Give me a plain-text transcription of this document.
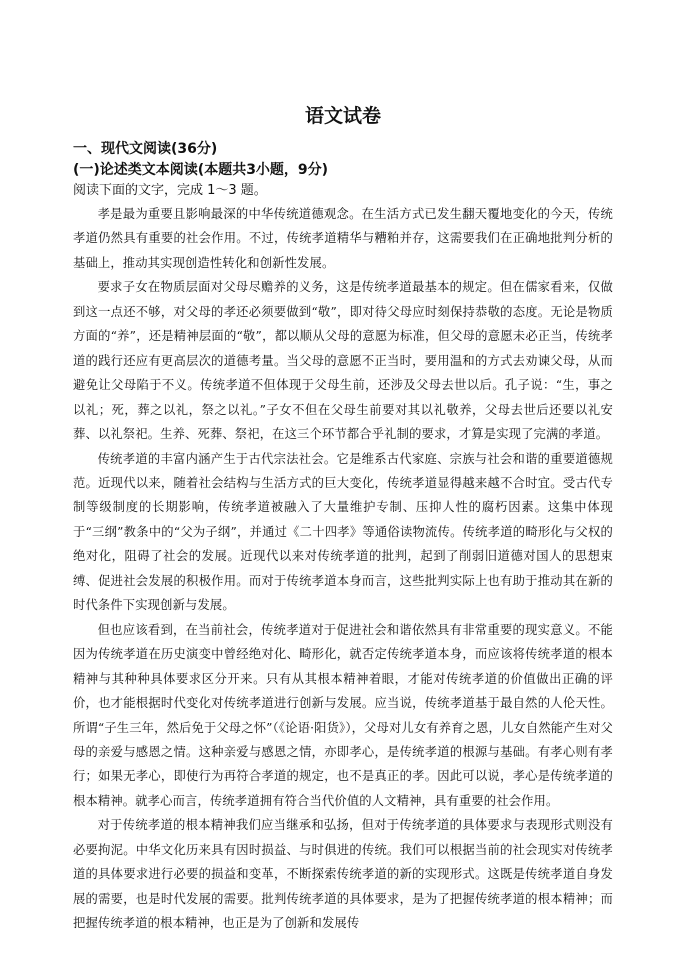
语文试卷
一、现代文阅读(36分)
(一)论述类文本阅读(本题共3小题，9分)

阅读下面的文字，完成 1～3 题。

孝是最为重要且影响最深的中华传统道德观念。在生活方式已发生翻天覆地变化的今天，传统孝道仍然具有重要的社会作用。不过，传统孝道精华与糟粕并存，这需要我们在正确地批判分析的基础上，推动其实现创造性转化和创新性发展。

要求子女在物质层面对父母尽赡养的义务，这是传统孝道最基本的规定。但在儒家看来，仅做到这一点还不够，对父母的孝还必须要做到“敬”，即对待父母应时刻保持恭敬的态度。无论是物质方面的“养”，还是精神层面的“敬”，都以顺从父母的意愿为标准，但父母的意愿未必正当，传统孝道的践行还应有更高层次的道德考量。当父母的意愿不正当时，要用温和的方式去劝谏父母，从而避免让父母陷于不义。传统孝道不但体现于父母生前，还涉及父母去世以后。孔子说：“生，事之以礼；死，葬之以礼，祭之以礼。”子女不但在父母生前要对其以礼敬养，父母去世后还要以礼安葬、以礼祭祀。生养、死葬、祭祀，在这三个环节都合乎礼制的要求，才算是实现了完满的孝道。

传统孝道的丰富内涵产生于古代宗法社会。它是维系古代家庭、宗族与社会和谐的重要道德规范。近现代以来，随着社会结构与生活方式的巨大变化，传统孝道显得越来越不合时宜。受古代专制等级制度的长期影响，传统孝道被融入了大量维护专制、压抑人性的腐朽因素。这集中体现于“三纲”教条中的“父为子纲”，并通过《二十四孝》等通俗读物流传。传统孝道的畸形化与父权的绝对化，阻碍了社会的发展。近现代以来对传统孝道的批判，起到了削弱旧道德对国人的思想束缚、促进社会发展的积极作用。而对于传统孝道本身而言，这些批判实际上也有助于推动其在新的时代条件下实现创新与发展。

但也应该看到，在当前社会，传统孝道对于促进社会和谐依然具有非常重要的现实意义。不能因为传统孝道在历史演变中曾经绝对化、畸形化，就否定传统孝道本身，而应该将传统孝道的根本精神与其种种具体要求区分开来。只有从其根本精神着眼，才能对传统孝道的价值做出正确的评价，也才能根据时代变化对传统孝道进行创新与发展。应当说，传统孝道基于最自然的人伦天性。所谓“子生三年，然后免于父母之怀”（《论语·阳货》），父母对儿女有养育之恩，儿女自然能产生对父母的亲爱与感恩之情。这种亲爱与感恩之情，亦即孝心，是传统孝道的根源与基础。有孝心则有孝行；如果无孝心，即使行为再符合孝道的规定，也不是真正的孝。因此可以说，孝心是传统孝道的根本精神。就孝心而言，传统孝道拥有符合当代价值的人文精神，具有重要的社会作用。

对于传统孝道的根本精神我们应当继承和弘扬，但对于传统孝道的具体要求与表现形式则没有必要拘泥。中华文化历来具有因时损益、与时俱进的传统。我们可以根据当前的社会现实对传统孝道的具体要求进行必要的损益和变革，不断探索传统孝道的新的实现形式。这既是传统孝道自身发展的需要，也是时代发展的需要。批判传统孝道的具体要求，是为了把握传统孝道的根本精神；而把握传统孝道的根本精神，也正是为了创新和发展传
